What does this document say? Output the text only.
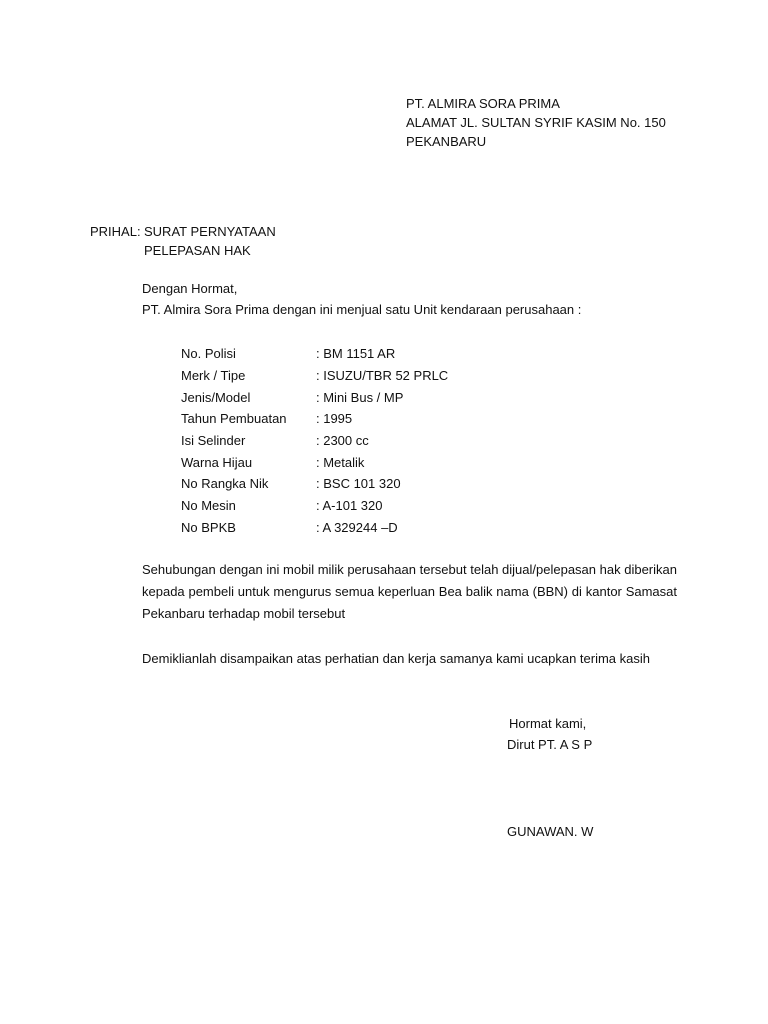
PT. ALMIRA SORA PRIMA
ALAMAT JL. SULTAN SYRIF KASIM No. 150
PEKANBARU
PRIHAL: SURAT PERNYATAAN
PELEPASAN HAK
Dengan Hormat,
PT. Almira Sora Prima dengan ini menjual satu Unit kendaraan perusahaan :
No. Polisi	: BM 1151 AR
Merk / Tipe	: ISUZU/TBR 52 PRLC
Jenis/Model	: Mini Bus / MP
Tahun Pembuatan : 1995
Isi Selinder	: 2300 cc
Warna Hijau	: Metalik
No Rangka Nik	: BSC 101 320
No Mesin	: A-101 320
No BPKB	: A 329244 –D
Sehubungan dengan ini mobil milik perusahaan tersebut telah dijual/pelepasan hak diberikan kepada pembeli untuk mengurus semua keperluan Bea balik nama (BBN) di kantor Samasat Pekanbaru terhadap mobil tersebut
Demiklianlah disampaikan atas perhatian dan kerja samanya kami ucapkan terima kasih
Hormat kami,
Dirut PT. A S P
GUNAWAN. W
